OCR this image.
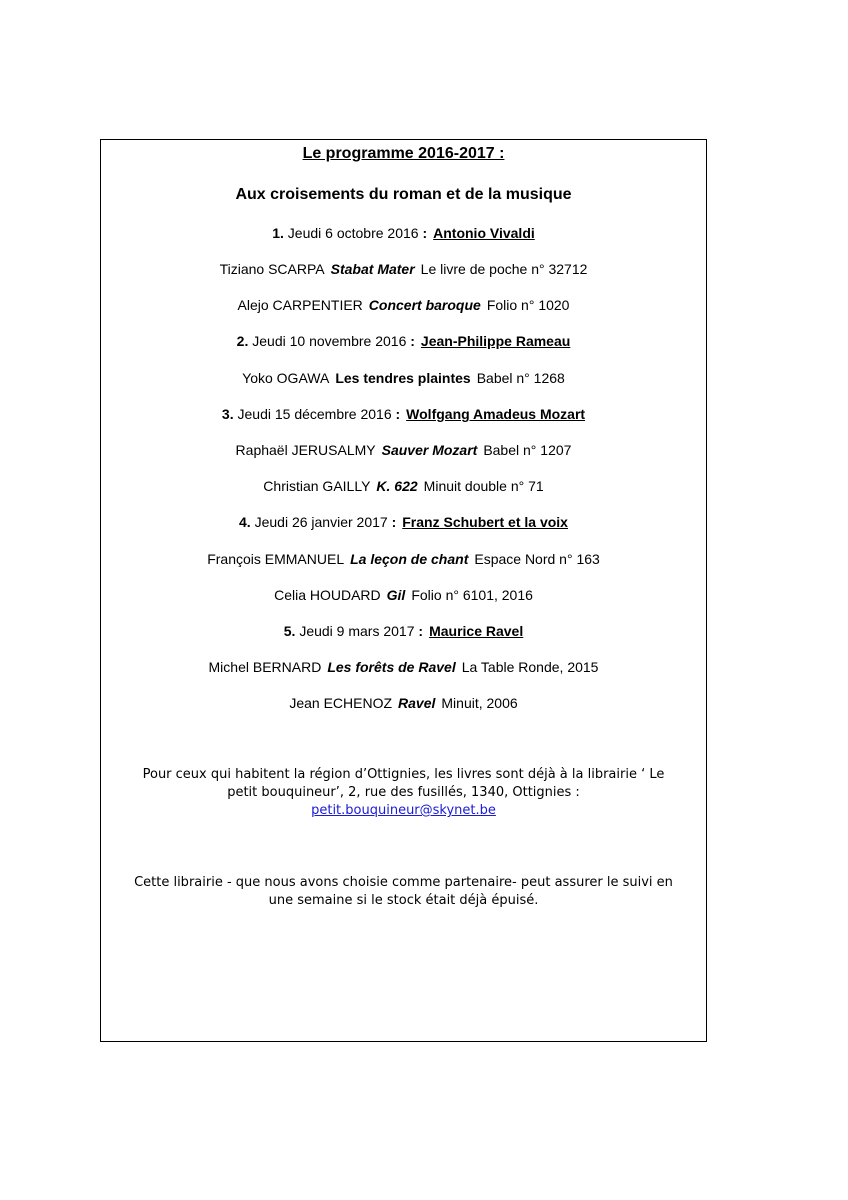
Le programme 2016-2017 :
Aux croisements du roman et de la musique
1. Jeudi 6 octobre 2016 : Antonio Vivaldi
Tiziano SCARPA Stabat Mater Le livre de poche n° 32712
Alejo CARPENTIER Concert baroque Folio n° 1020
2. Jeudi 10 novembre 2016 : Jean-Philippe Rameau
Yoko OGAWA Les tendres plaintes Babel n° 1268
3. Jeudi 15 décembre 2016 : Wolfgang Amadeus Mozart
Raphaël JERUSALMY Sauver Mozart Babel n° 1207
Christian GAILLY K. 622 Minuit double n° 71
4. Jeudi 26 janvier 2017 : Franz Schubert et la voix
François EMMANUEL La leçon de chant Espace Nord n° 163
Celia HOUDARD Gil Folio n° 6101, 2016
5. Jeudi 9 mars 2017 : Maurice Ravel
Michel BERNARD Les forêts de Ravel La Table Ronde, 2015
Jean ECHENOZ Ravel Minuit, 2006
Pour ceux qui habitent la région d’Ottignies, les livres sont déjà à la librairie ‘ Le
petit bouquineur’, 2, rue des fusillés, 1340, Ottignies :
petit.bouquineur@skynet.be
Cette librairie - que nous avons choisie comme partenaire- peut assurer le suivi en
une semaine si le stock était déjà épuisé.
